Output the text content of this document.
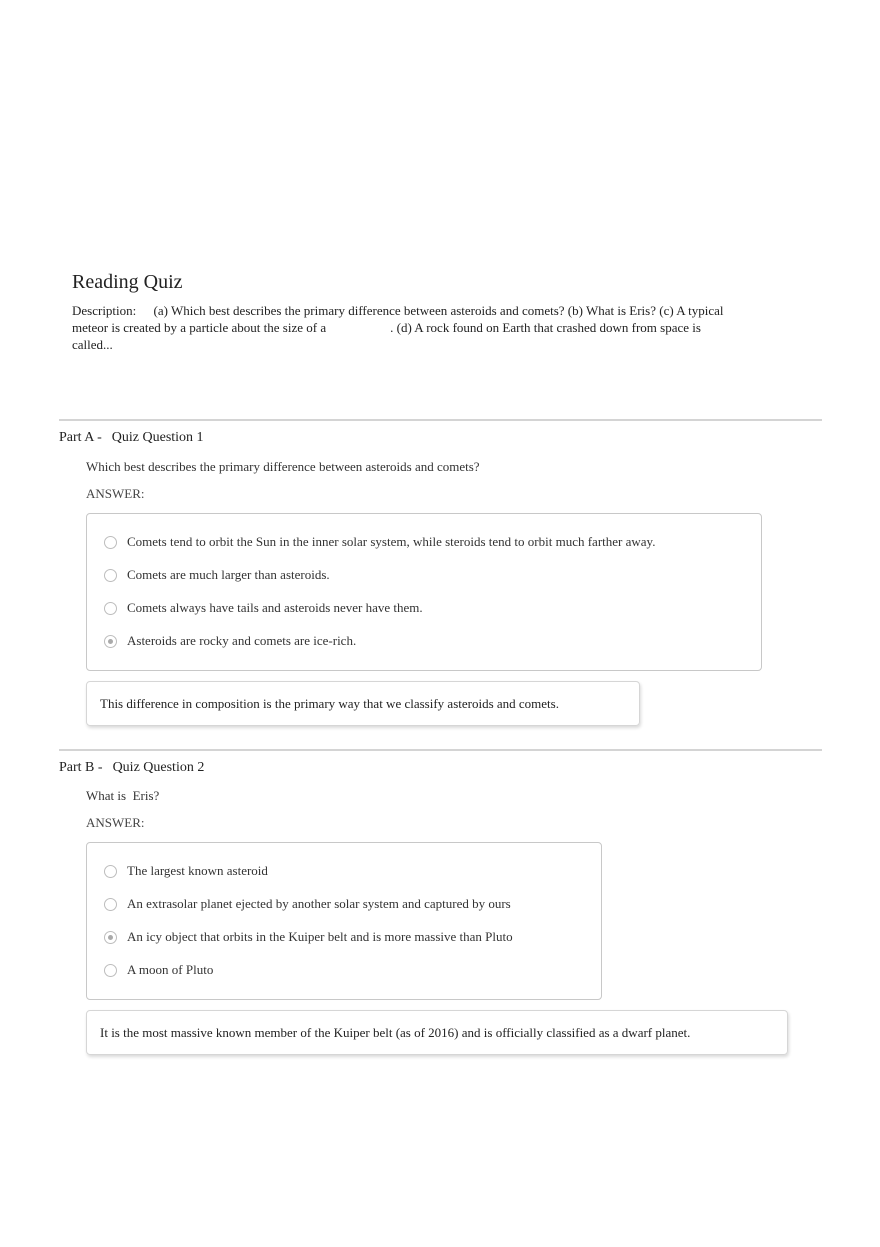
Reading Quiz
Description: (a) Which best describes the primary difference between asteroids and comets? (b) What is Eris? (c) A typical meteor is created by a particle about the size of a	. (d) A rock found on Earth that crashed down from space is called...
Part A - Quiz Question 1
Which best describes the primary difference between asteroids and comets?
ANSWER:
Comets tend to orbit the Sun in the inner solar system, while steroids tend to orbit much farther away.
Comets are much larger than asteroids.
Comets always have tails and asteroids never have them.
Asteroids are rocky and comets are ice-rich.
This difference in composition is the primary way that we classify asteroids and comets.
Part B - Quiz Question 2
What is  Eris?
ANSWER:
The largest known asteroid
An extrasolar planet ejected by another solar system and captured by ours
An icy object that orbits in the Kuiper belt and is more massive than Pluto
A moon of Pluto
It is the most massive known member of the Kuiper belt (as of 2016) and is officially classified as a dwarf planet.
